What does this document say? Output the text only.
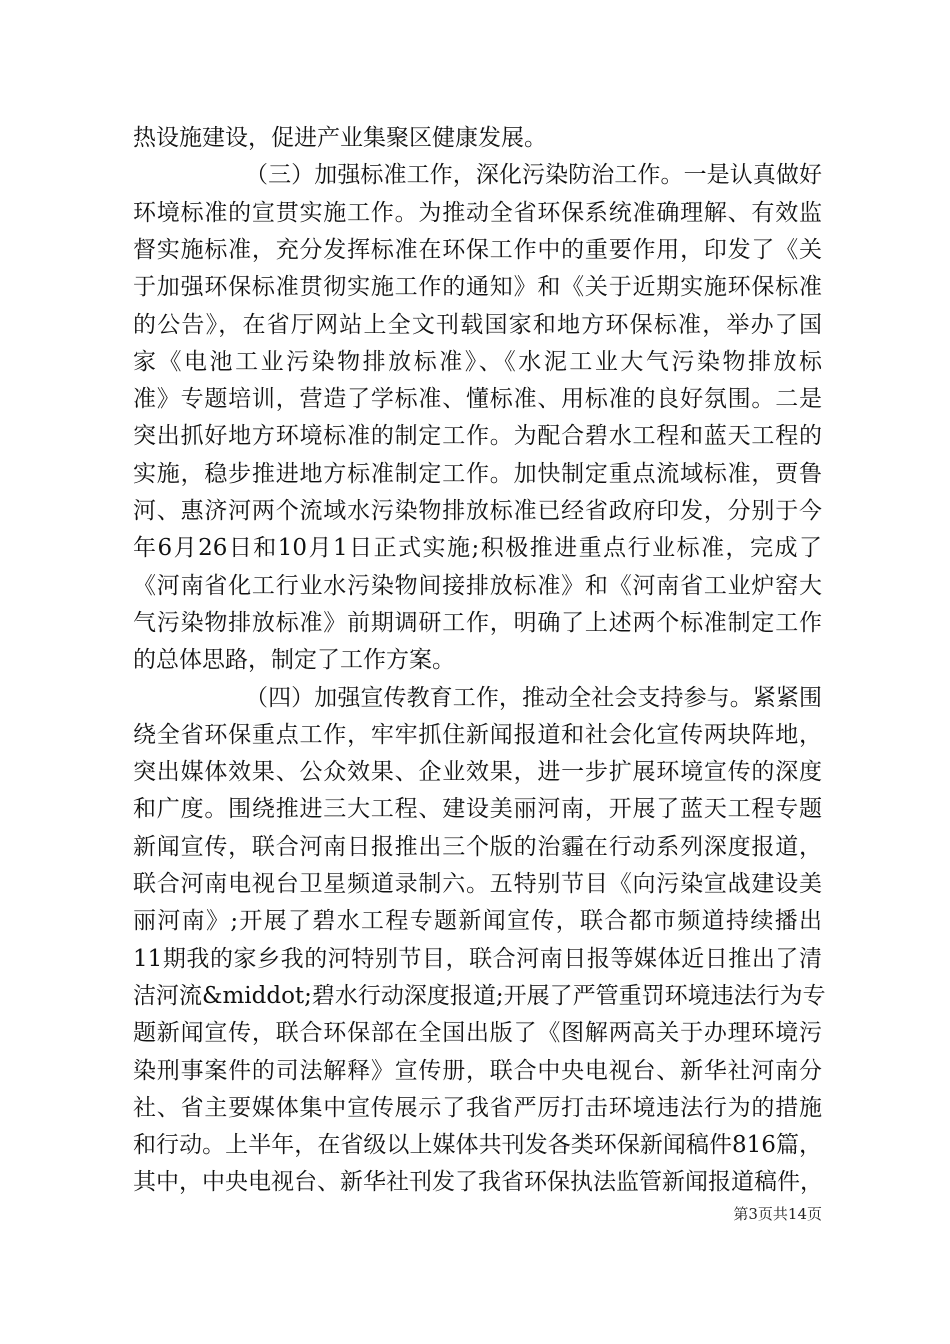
热设施建设，促进产业集聚区健康发展。
（三）加强标准工作，深化污染防治工作。一是认真做好
环境标准的宣贯实施工作。为推动全省环保系统准确理解、有效监
督实施标准，充分发挥标准在环保工作中的重要作用，印发了《关
于加强环保标准贯彻实施工作的通知》和《关于近期实施环保标准
的公告》，在省厅网站上全文刊载国家和地方环保标准，举办了国
家《电池工业污染物排放标准》、《水泥工业大气污染物排放标
准》专题培训，营造了学标准、懂标准、用标准的良好氛围。二是
突出抓好地方环境标准的制定工作。为配合碧水工程和蓝天工程的
实施，稳步推进地方标准制定工作。加快制定重点流域标准，贾鲁
河、惠济河两个流域水污染物排放标准已经省政府印发，分别于今
年6月26日和10月1日正式实施;积极推进重点行业标准，完成了
《河南省化工行业水污染物间接排放标准》和《河南省工业炉窑大
气污染物排放标准》前期调研工作，明确了上述两个标准制定工作
的总体思路，制定了工作方案。
（四）加强宣传教育工作，推动全社会支持参与。紧紧围
绕全省环保重点工作，牢牢抓住新闻报道和社会化宣传两块阵地，
突出媒体效果、公众效果、企业效果，进一步扩展环境宣传的深度
和广度。围绕推进三大工程、建设美丽河南，开展了蓝天工程专题
新闻宣传，联合河南日报推出三个版的治霾在行动系列深度报道，
联合河南电视台卫星频道录制六。五特别节目《向污染宣战建设美
丽河南》;开展了碧水工程专题新闻宣传，联合都市频道持续播出
11期我的家乡我的河特别节目，联合河南日报等媒体近日推出了清
洁河流&middot;碧水行动深度报道;开展了严管重罚环境违法行为专
题新闻宣传，联合环保部在全国出版了《图解两高关于办理环境污
染刑事案件的司法解释》宣传册，联合中央电视台、新华社河南分
社、省主要媒体集中宣传展示了我省严厉打击环境违法行为的措施
和行动。上半年，在省级以上媒体共刊发各类环保新闻稿件816篇，
其中，中央电视台、新华社刊发了我省环保执法监管新闻报道稿件，
第3页共14页
